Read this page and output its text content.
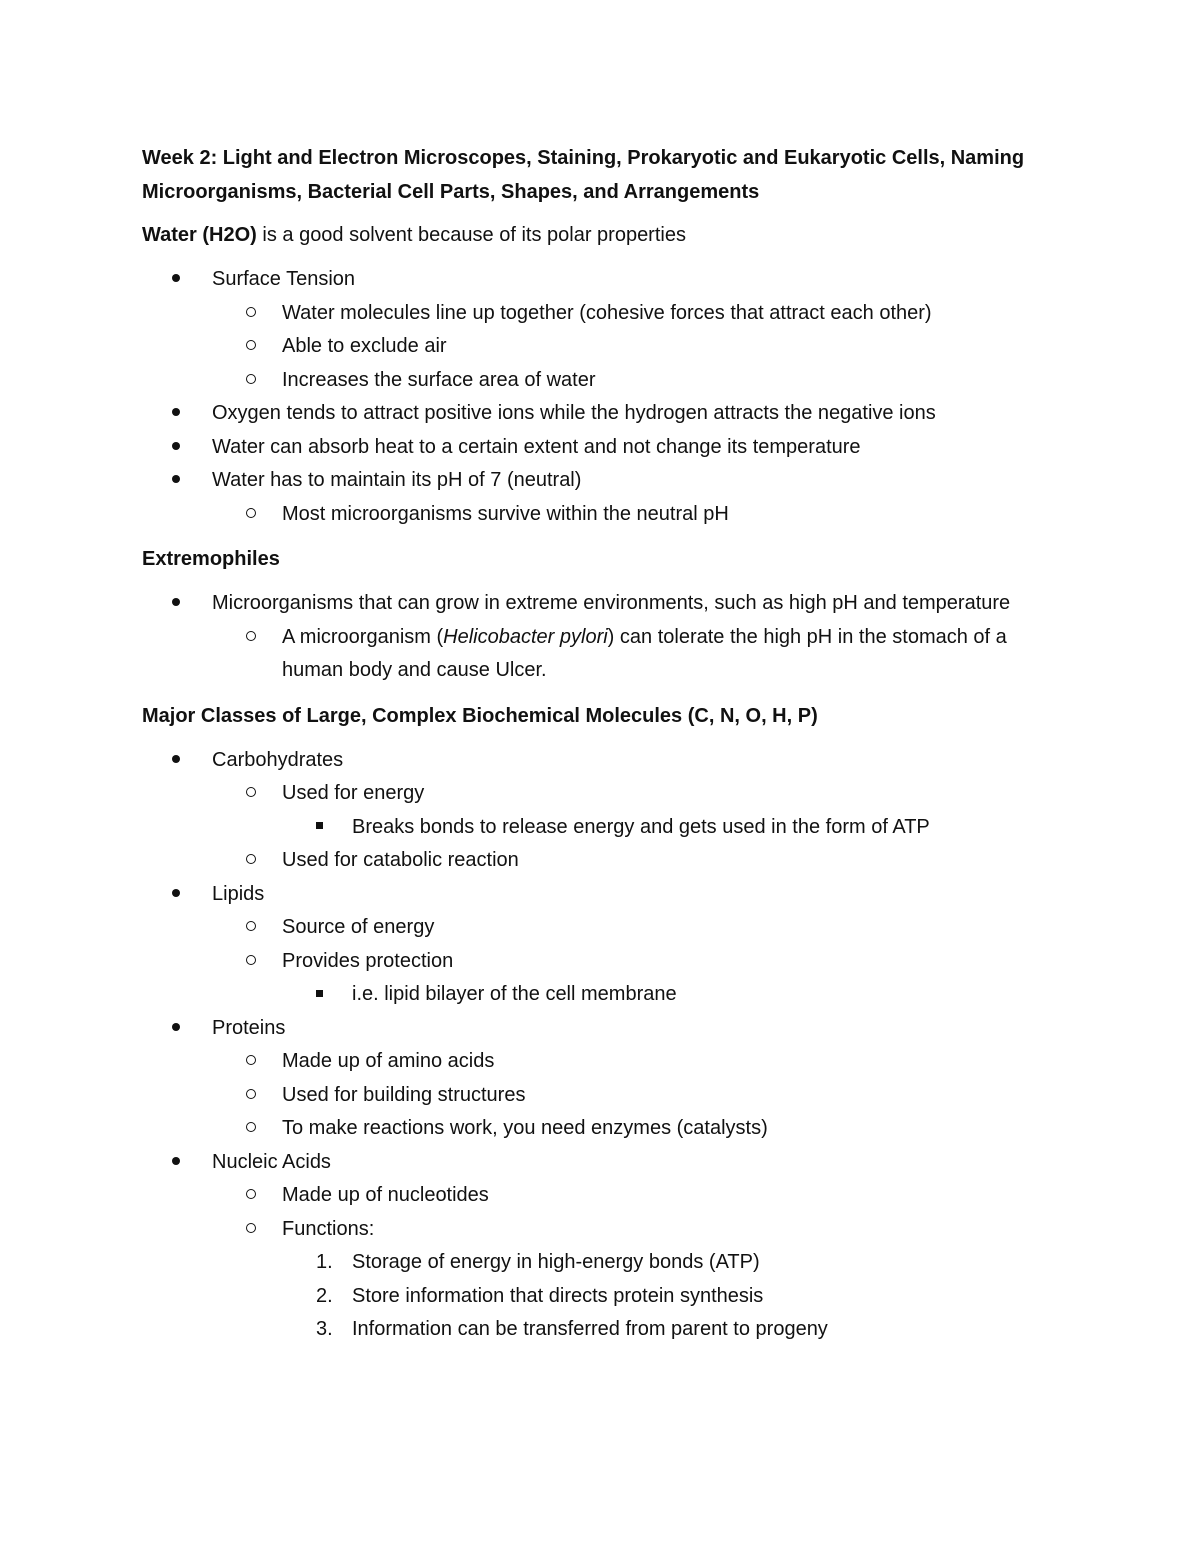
Week 2: Light and Electron Microscopes, Staining, Prokaryotic and Eukaryotic Cells, Naming Microorganisms, Bacterial Cell Parts, Shapes, and Arrangements
Water (H2O) is a good solvent because of its polar properties
Surface Tension
Water molecules line up together (cohesive forces that attract each other)
Able to exclude air
Increases the surface area of water
Oxygen tends to attract positive ions while the hydrogen attracts the negative ions
Water can absorb heat to a certain extent and not change its temperature
Water has to maintain its pH of 7 (neutral)
Most microorganisms survive within the neutral pH
Extremophiles
Microorganisms that can grow in extreme environments, such as high pH and temperature
A microorganism (Helicobacter pylori) can tolerate the high pH in the stomach of a human body and cause Ulcer.
Major Classes of Large, Complex Biochemical Molecules (C, N, O, H, P)
Carbohydrates
Used for energy
Breaks bonds to release energy and gets used in the form of ATP
Used for catabolic reaction
Lipids
Source of energy
Provides protection
i.e. lipid bilayer of the cell membrane
Proteins
Made up of amino acids
Used for building structures
To make reactions work, you need enzymes (catalysts)
Nucleic Acids
Made up of nucleotides
Functions:
1. Storage of energy in high-energy bonds (ATP)
2. Store information that directs protein synthesis
3. Information can be transferred from parent to progeny
